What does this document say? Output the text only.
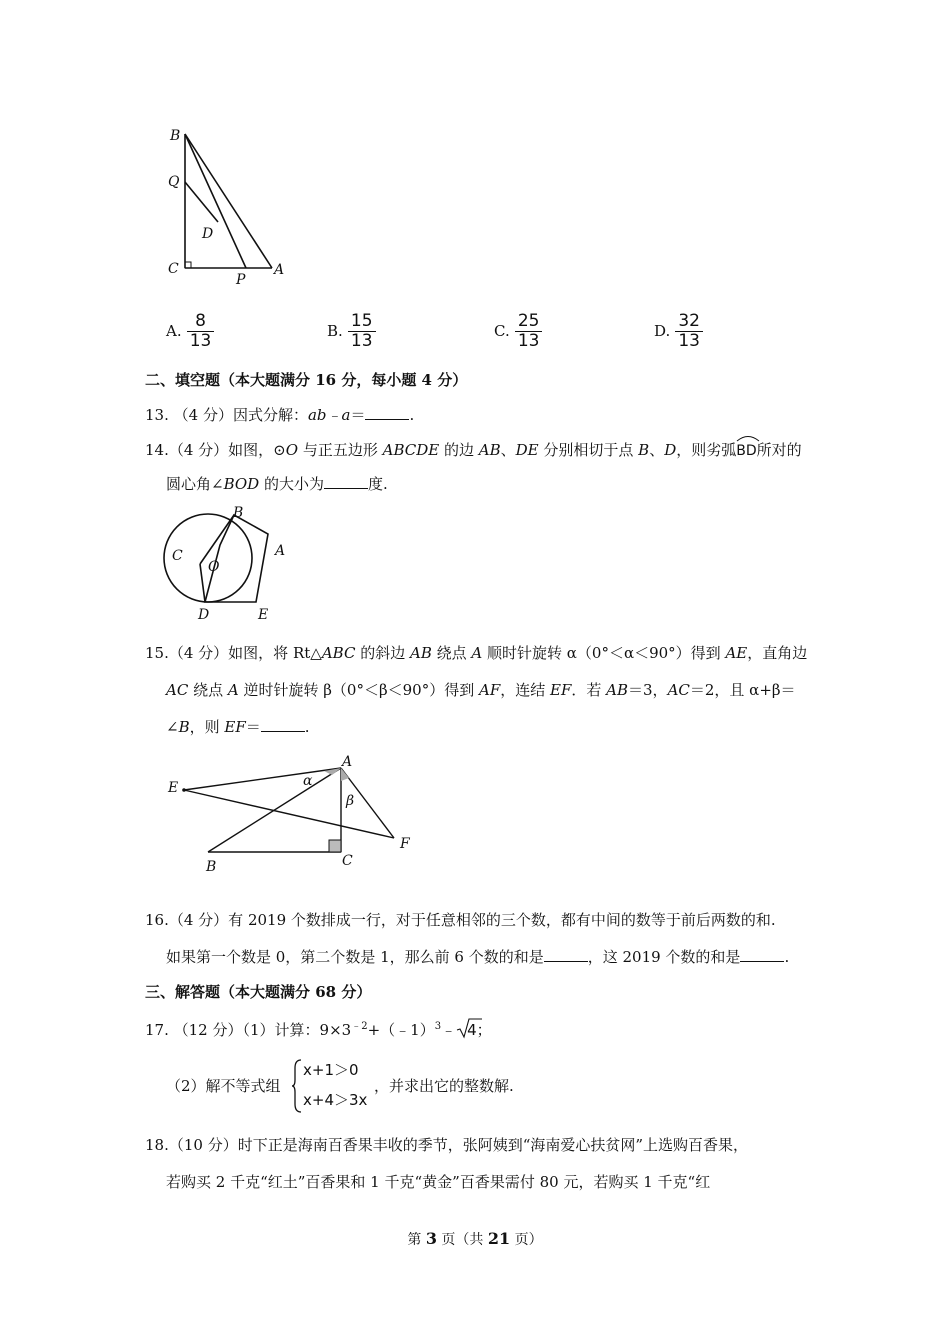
B
Q
D
C
P
A
A. $\frac{8}{13}$	B. $\frac{15}{13}$	C. $\frac{25}{13}$	D. $\frac{32}{13}$
二、填空题（本大题满分 16 分，每小题 4 分）
13. （4 分）因式分解：ab﹣a＝	.
14.（4 分）如图，⊙O 与正五边形 ABCDE 的边 AB、DE 分别相切于点 B、D，则劣弧
BD所对的
圆心角∠BOD 的大小为	度.
B
C
O
A
D	E
15.（4 分）如图，将 Rt△ABC 的斜边 AB 绕点 A 顺时针旋转 α（0°＜α＜90°）得到 AE，直角边
AC 绕点 A 逆时针旋转 β（0°＜β＜90°）得到 AF，连结 EF．若 AB＝3，AC＝2，且 α+β＝
∠B，则 EF＝	.
E
A
α
β
F
B	C
16.（4 分）有 2019 个数排成一行，对于任意相邻的三个数，都有中间的数等于前后两数的和.
如果第一个数是 0，第二个数是 1，那么前 6 个数的和是	，这 2019 个数的和是	.
三、解答题（本大题满分 68 分）
17. （12 分）（1）计算：$9\times 3^{﹣2}+(﹣1)^3﹣$ 4；
（2）解不等式组
x+1＞0
x+4＞3x
，并求出它的整数解.
18.（10 分）时下正是海南百香果丰收的季节，张阿姨到“海南爱心扶贫网”上选购百香果，
若购买 2 千克“红土”百香果和 1 千克“黄金”百香果需付 80 元，若购买 1 千克“红
第 3 页（共 21 页）
